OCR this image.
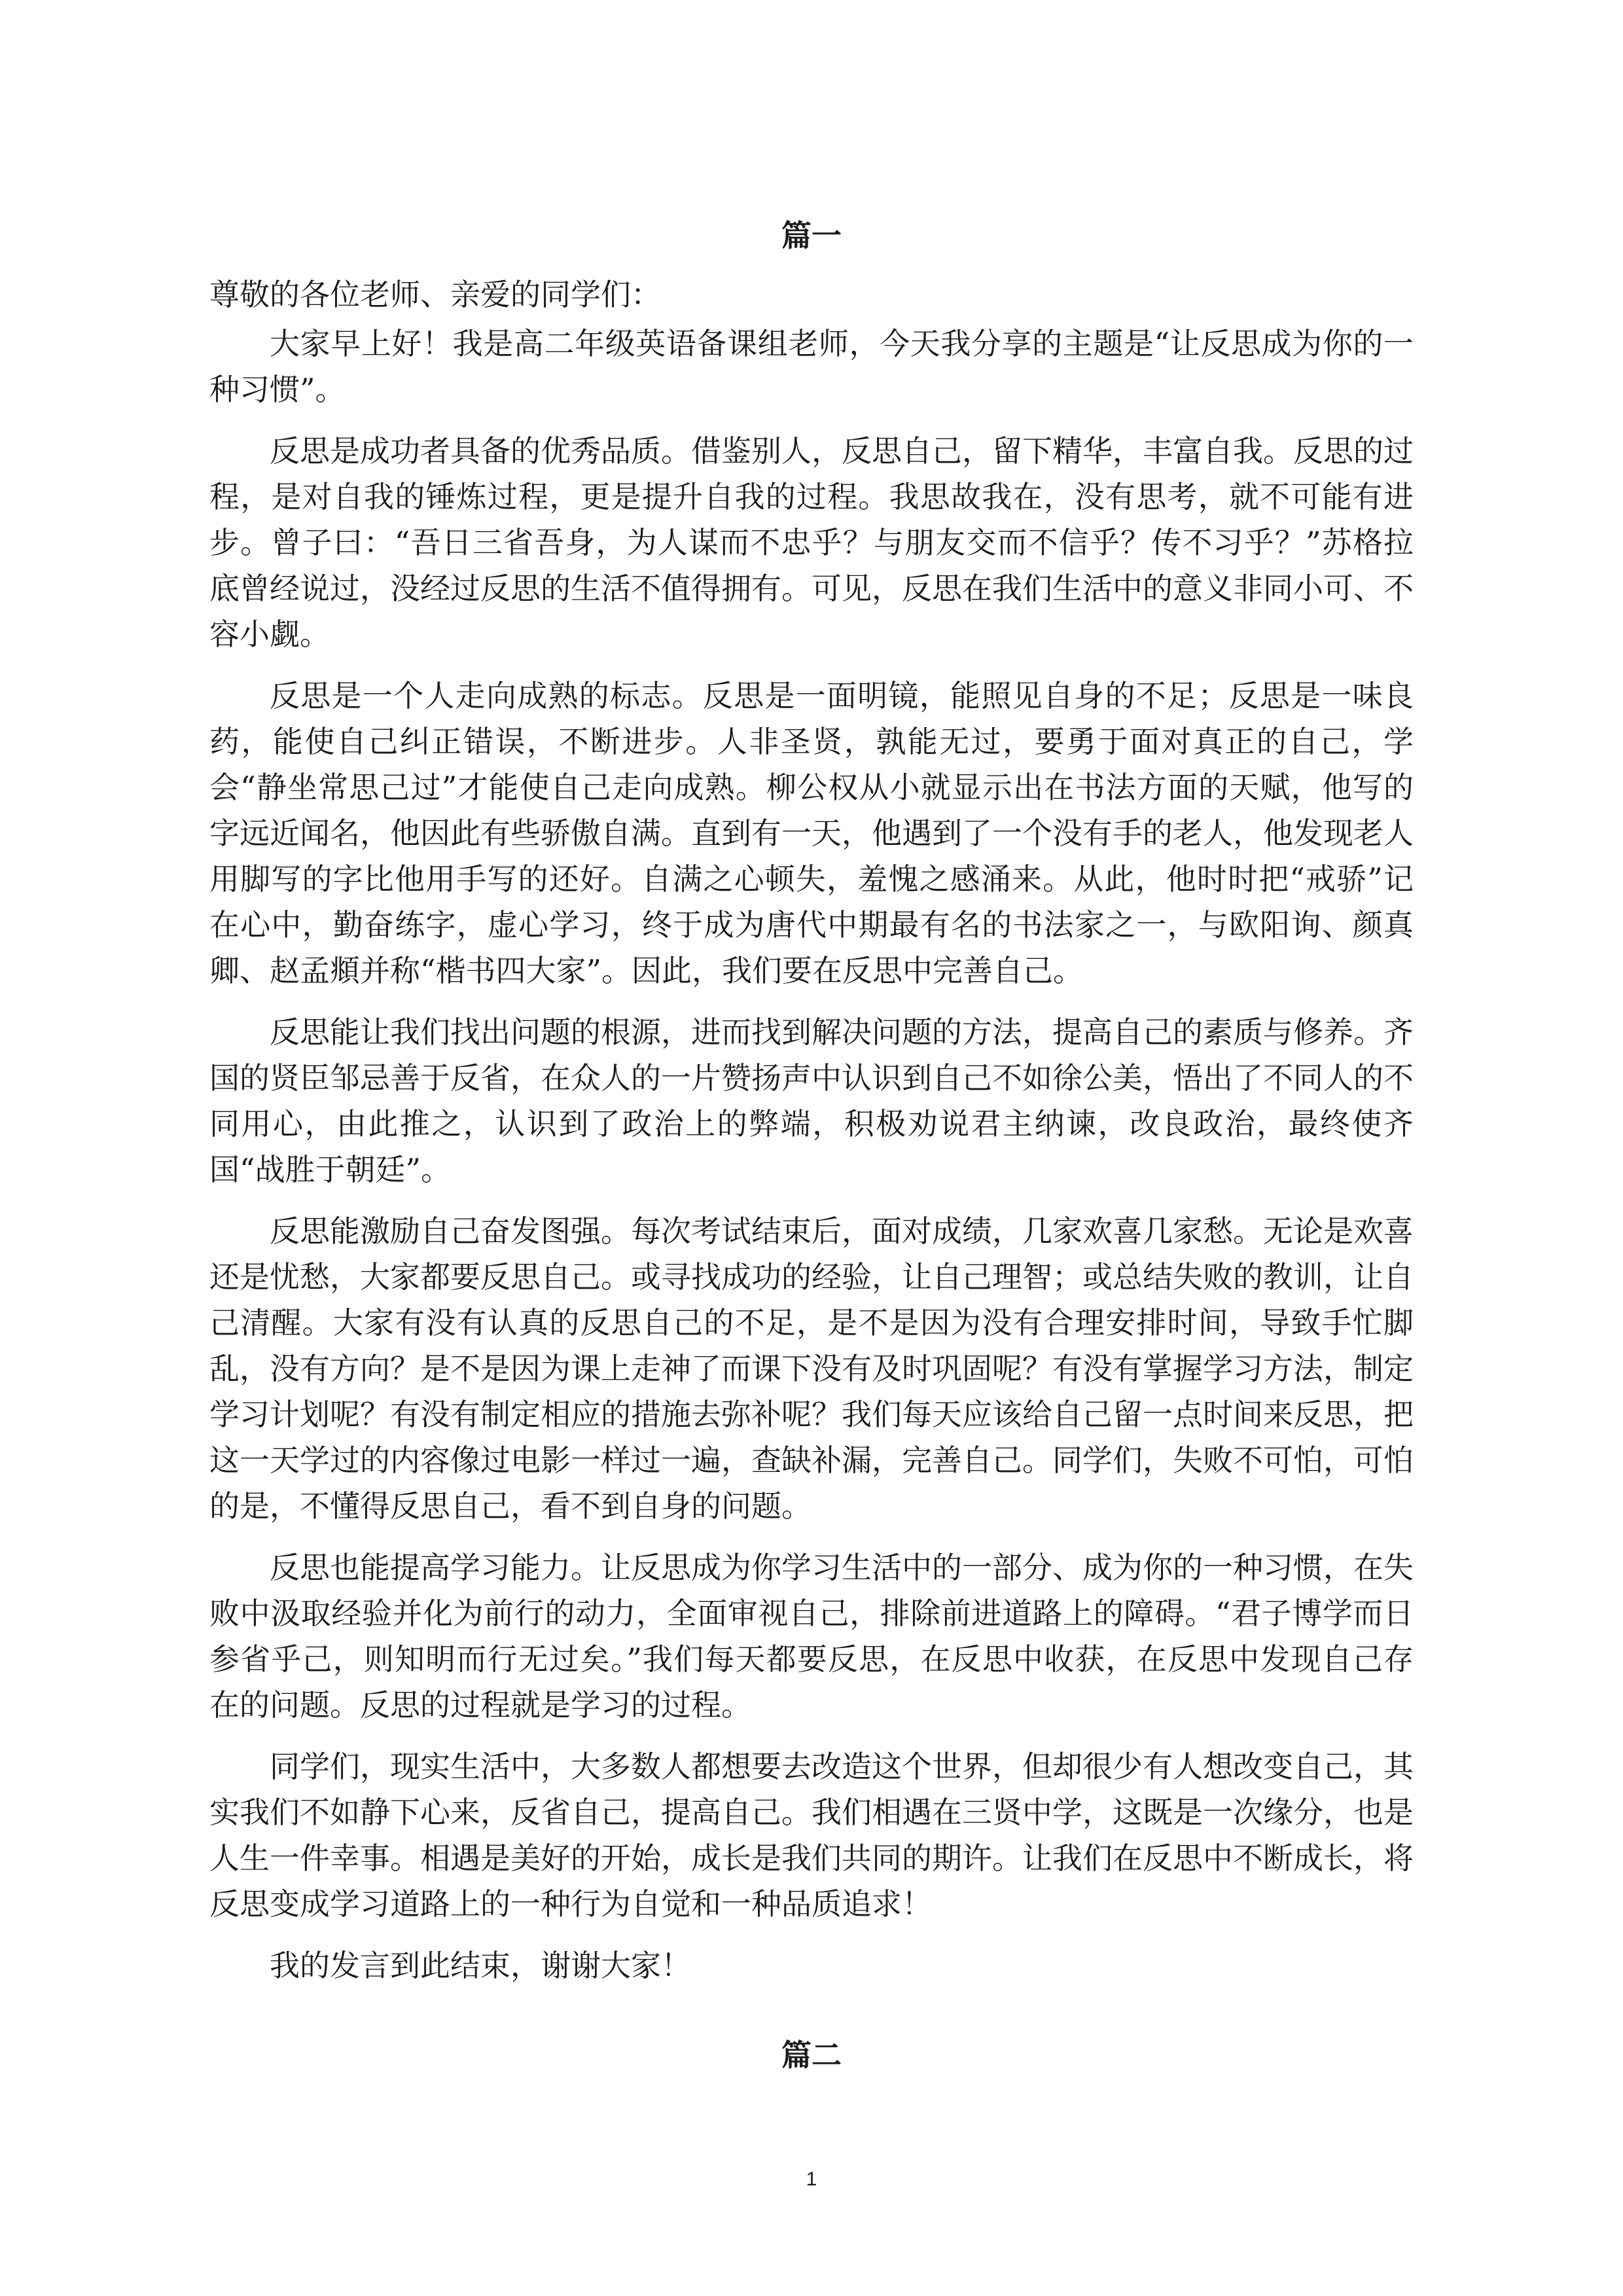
篇一
尊敬的各位老师、亲爱的同学们：

大家早上好！我是高二年级英语备课组老师，今天我分享的主题是“让反思成为你的一种习惯”。

反思是成功者具备的优秀品质。借鉴别人，反思自己，留下精华，丰富自我。反思的过程，是对自我的锤炼过程，更是提升自我的过程。我思故我在，没有思考，就不可能有进步。曾子曰：“吾日三省吾身，为人谋而不忠乎？与朋友交而不信乎？传不习乎？”苏格拉底曾经说过，没经过反思的生活不值得拥有。可见，反思在我们生活中的意义非同小可、不容小觑。

反思是一个人走向成熟的标志。反思是一面明镜，能照见自身的不足；反思是一味良药，能使自己纠正错误，不断进步。人非圣贤，孰能无过，要勇于面对真正的自己，学会“静坐常思己过”才能使自己走向成熟。柳公权从小就显示出在书法方面的天赋，他写的字远近闻名，他因此有些骄傲自满。直到有一天，他遇到了一个没有手的老人，他发现老人用脚写的字比他用手写的还好。自满之心顿失，羞愧之感涌来。从此，他时时把“戒骄”记在心中，勤奋练字，虚心学习，终于成为唐代中期最有名的书法家之一，与欧阳询、颜真卿、赵孟頫并称“楷书四大家”。因此，我们要在反思中完善自己。

反思能让我们找出问题的根源，进而找到解决问题的方法，提高自己的素质与修养。齐国的贤臣邹忌善于反省，在众人的一片赞扬声中认识到自己不如徐公美，悟出了不同人的不同用心，由此推之，认识到了政治上的弊端，积极劝说君主纳谏，改良政治，最终使齐国“战胜于朝廷”。

反思能激励自己奋发图强。每次考试结束后，面对成绩，几家欢喜几家愁。无论是欢喜还是忧愁，大家都要反思自己。或寻找成功的经验，让自己理智；或总结失败的教训，让自己清醒。大家有没有认真的反思自己的不足，是不是因为没有合理安排时间，导致手忙脚乱，没有方向？是不是因为课上走神了而课下没有及时巩固呢？有没有掌握学习方法，制定学习计划呢？有没有制定相应的措施去弥补呢？我们每天应该给自己留一点时间来反思，把这一天学过的内容像过电影一样过一遍，查缺补漏，完善自己。同学们，失败不可怕，可怕的是，不懂得反思自己，看不到自身的问题。

反思也能提高学习能力。让反思成为你学习生活中的一部分、成为你的一种习惯，在失败中汲取经验并化为前行的动力，全面审视自己，排除前进道路上的障碍。“君子博学而日参省乎己，则知明而行无过矣。”我们每天都要反思，在反思中收获，在反思中发现自己存在的问题。反思的过程就是学习的过程。

同学们，现实生活中，大多数人都想要去改造这个世界，但却很少有人想改变自己，其实我们不如静下心来，反省自己，提高自己。我们相遇在三贤中学，这既是一次缘分，也是人生一件幸事。相遇是美好的开始，成长是我们共同的期许。让我们在反思中不断成长，将反思变成学习道路上的一种行为自觉和一种品质追求！

我的发言到此结束，谢谢大家！

篇二
1
